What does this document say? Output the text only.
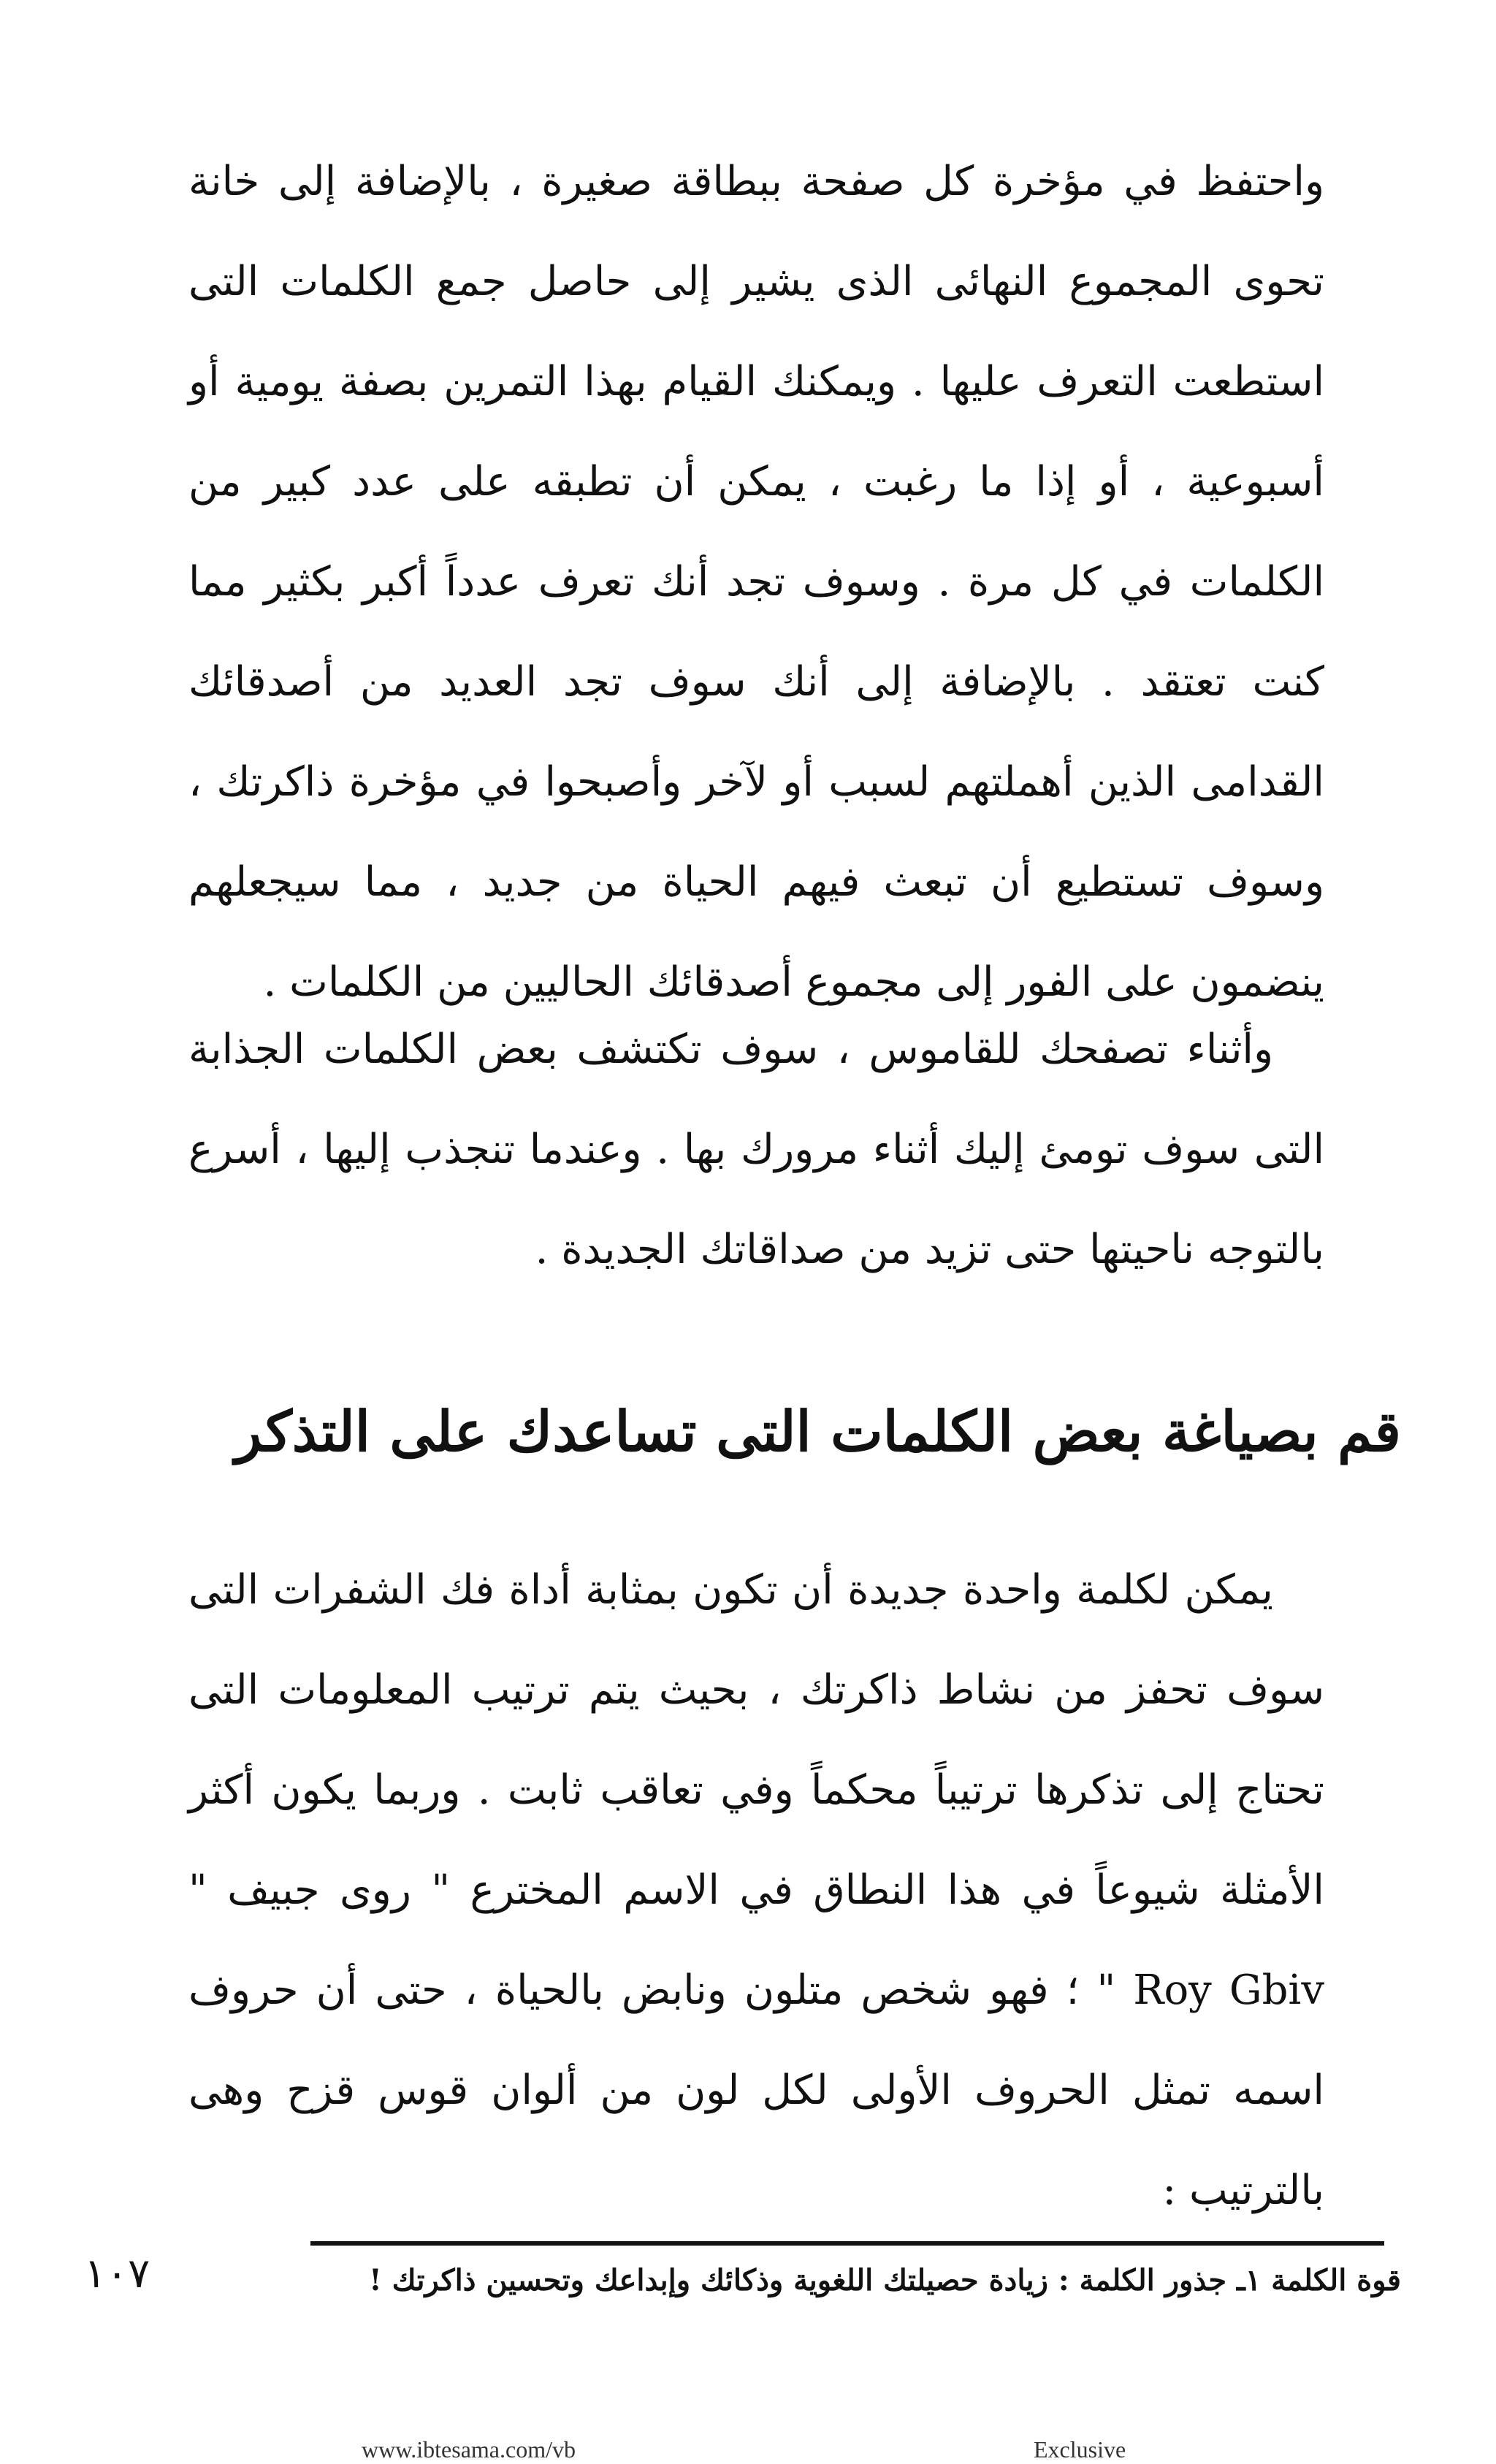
واحتفظ في مؤخرة كل صفحة ببطاقة صغيرة ، بالإضافة إلى خانة تحوى المجموع النهائى الذى يشير إلى حاصل جمع الكلمات التى استطعت التعرف عليها . ويمكنك القيام بهذا التمرين بصفة يومية أو أسبوعية ، أو إذا ما رغبت ، يمكن أن تطبقه على عدد كبير من الكلمات في كل مرة . وسوف تجد أنك تعرف عدداً أكبر بكثير مما كنت تعتقد . بالإضافة إلى أنك سوف تجد العديد من أصدقائك القدامى الذين أهملتهم لسبب أو لآخر وأصبحوا في مؤخرة ذاكرتك ، وسوف تستطيع أن تبعث فيهم الحياة من جديد ، مما سيجعلهم ينضمون على الفور إلى مجموع أصدقائك الحاليين من الكلمات .

وأثناء تصفحك للقاموس ، سوف تكتشف بعض الكلمات الجذابة التى سوف تومئ إليك أثناء مرورك بها . وعندما تنجذب إليها ، أسرع بالتوجه ناحيتها حتى تزيد من صداقاتك الجديدة .

قم بصياغة بعض الكلمات التى تساعدك على التذكر

يمكن لكلمة واحدة جديدة أن تكون بمثابة أداة فك الشفرات التى سوف تحفز من نشاط ذاكرتك ، بحيث يتم ترتيب المعلومات التى تحتاج إلى تذكرها ترتيباً محكماً وفي تعاقب ثابت . وربما يكون أكثر الأمثلة شيوعاً في هذا النطاق في الاسم المخترع " روى جبيف " Roy Gbiv " ؛ فهو شخص متلون ونابض بالحياة ، حتى أن حروف اسمه تمثل الحروف الأولى لكل لون من ألوان قوس قزح وهى بالترتيب :

قوة الكلمة ١ـ جذور الكلمة : زيادة حصيلتك اللغوية وذكائك وإبداعك وتحسين ذاكرتك !
١٠٧
www.ibtesama.com/vb	Exclusive
